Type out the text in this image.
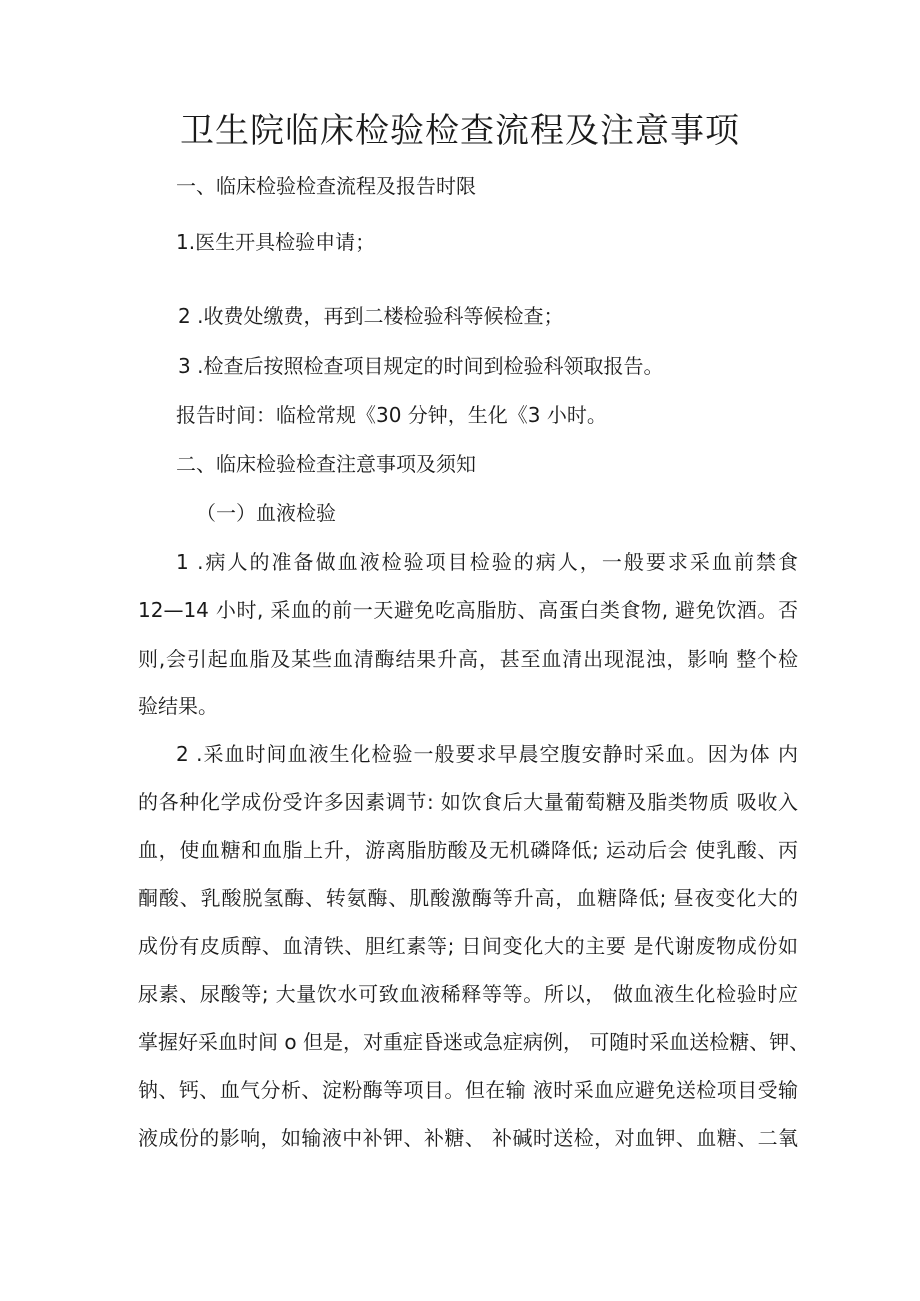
卫生院临床检验检查流程及注意事项
一、临床检验检查流程及报告时限
1.医生开具检验申请；
2 .收费处缴费，再到二楼检验科等候检查；
3 .检查后按照检查项目规定的时间到检验科领取报告。
报告时间：临检常规《30 分钟，生化《3 小时。
二、临床检验检查注意事项及须知
（一）血液检验
1 .病人的准备做血液检验项目检验的病人，一般要求采血前禁食
12—14 小时, 采血的前一天避免吃高脂肪、高蛋白类食物, 避免饮酒。否
则,会引起血脂及某些血清酶结果升高，甚至血清出现混浊，影响 整个检
验结果。
2 .采血时间血液生化检验一般要求早晨空腹安静时采血。因为体 内
的各种化学成份受许多因素调节: 如饮食后大量葡萄糖及脂类物质 吸收入
血，使血糖和血脂上升，游离脂肪酸及无机磷降低; 运动后会 使乳酸、丙
酮酸、乳酸脱氢酶、转氨酶、肌酸激酶等升高，血糖降低; 昼夜变化大的
成份有皮质醇、血清铁、胆红素等; 日间变化大的主要 是代谢废物成份如
尿素、尿酸等; 大量饮水可致血液稀释等等。所以， 做血液生化检验时应
掌握好采血时间 o 但是，对重症昏迷或急症病例， 可随时采血送检糖、钾、
钠、钙、血气分析、淀粉酶等项目。但在输 液时采血应避免送检项目受输
液成份的影响，如输液中补钾、补糖、 补碱时送检，对血钾、血糖、二氧
